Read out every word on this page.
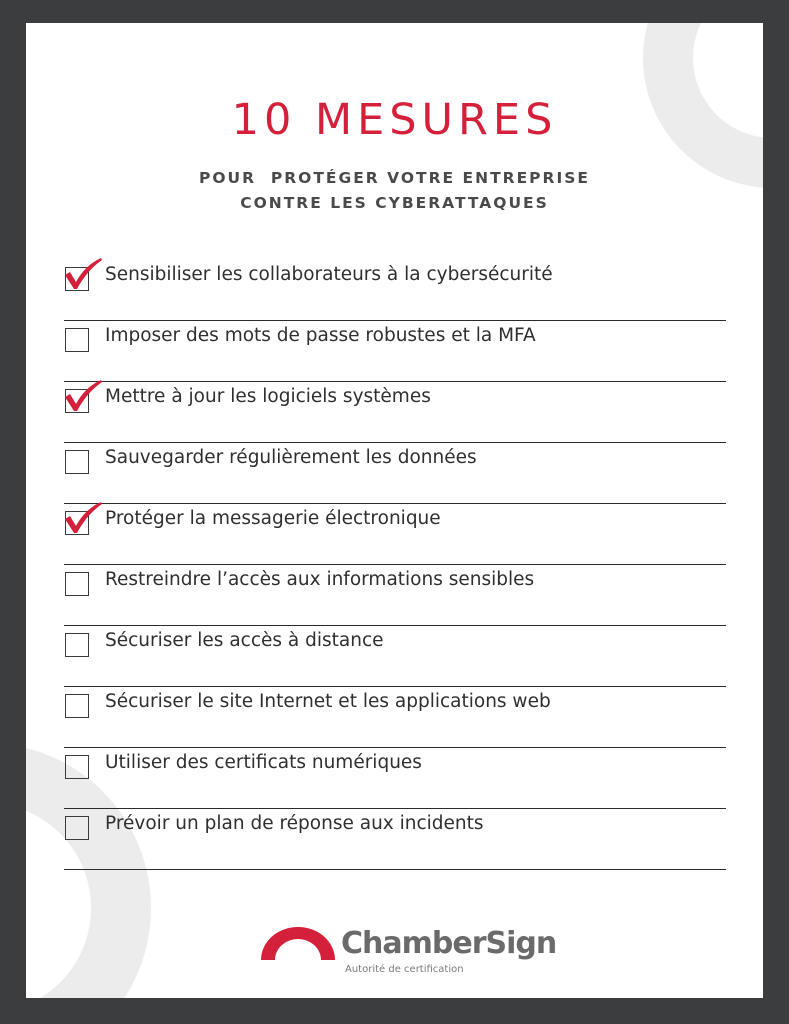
10 MESURES
POUR  PROTÉGER VOTRE ENTREPRISE
CONTRE LES CYBERATTAQUES
Sensibiliser les collaborateurs à la cybersécurité
Imposer des mots de passe robustes et la MFA
Mettre à jour les logiciels systèmes
Sauvegarder régulièrement les données
Protéger la messagerie électronique
Restreindre l’accès aux informations sensibles
Sécuriser les accès à distance
Sécuriser le site Internet et les applications web
Utiliser des certificats numériques
Prévoir un plan de réponse aux incidents
ChamberSign
Autorité de certification
